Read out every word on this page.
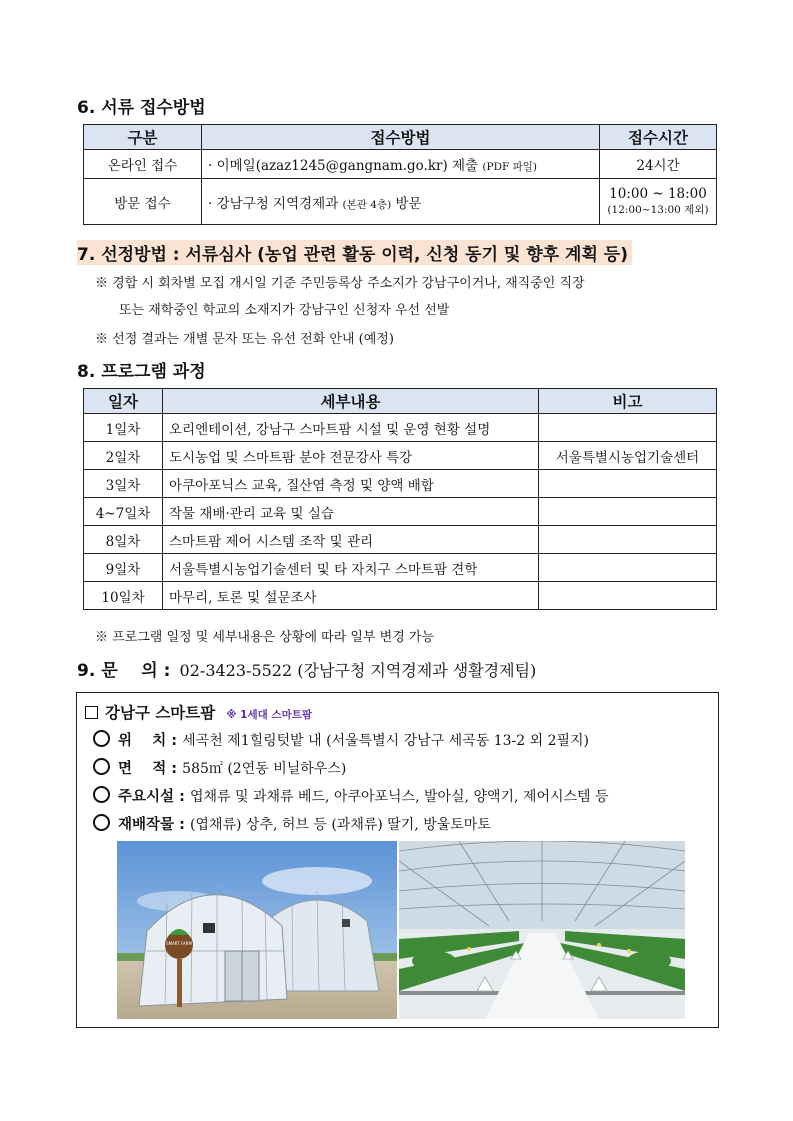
6. 서류 접수방법
구분	접수방법	접수시간
온라인 접수	· 이메일(azaz1245@gangnam.go.kr) 제출 (PDF 파일)	24시간
방문 접수	· 강남구청 지역경제과 (본관 4층) 방문	10:00 ~ 18:00
(12:00~13:00 제외)
7. 선정방법 : 서류심사 (농업 관련 활동 이력, 신청 동기 및 향후 계획 등)
※ 경합 시 회차별 모집 개시일 기준 주민등록상 주소지가 강남구이거나, 재직중인 직장
또는 재학중인 학교의 소재지가 강남구인 신청자 우선 선발
※ 선정 결과는 개별 문자 또는 유선 전화 안내 (예정)
8. 프로그램 과정
일자	세부내용	비고
1일차	오리엔테이션, 강남구 스마트팜 시설 및 운영 현황 설명	
2일차	도시농업 및 스마트팜 분야 전문강사 특강	서울특별시농업기술센터
3일차	아쿠아포닉스 교육, 질산염 측정 및 양액 배합	
4~7일차	작물 재배·관리 교육 및 실습	
8일차	스마트팜 제어 시스템 조작 및 관리	
9일차	서울특별시농업기술센터 및 타 자치구 스마트팜 견학	
10일차	마무리, 토론 및 설문조사	
※ 프로그램 일정 및 세부내용은 상황에 따라 일부 변경 가능
9. 문    의 : 02-3423-5522 (강남구청 지역경제과 생활경제팀)
강남구 스마트팜 ※ 1세대 스마트팜
위    치 : 세곡천 제1힐링텃밭 내 (서울특별시 강남구 세곡동 13-2 외 2필지)
면    적 : 585㎡ (2연동 비닐하우스)
주요시설 : 엽채류 및 과채류 베드, 아쿠아포닉스, 발아실, 양액기, 제어시스템 등
재배작물 : (엽채류) 상추, 허브 등 (과채류) 딸기, 방울토마토
SMART FARM
